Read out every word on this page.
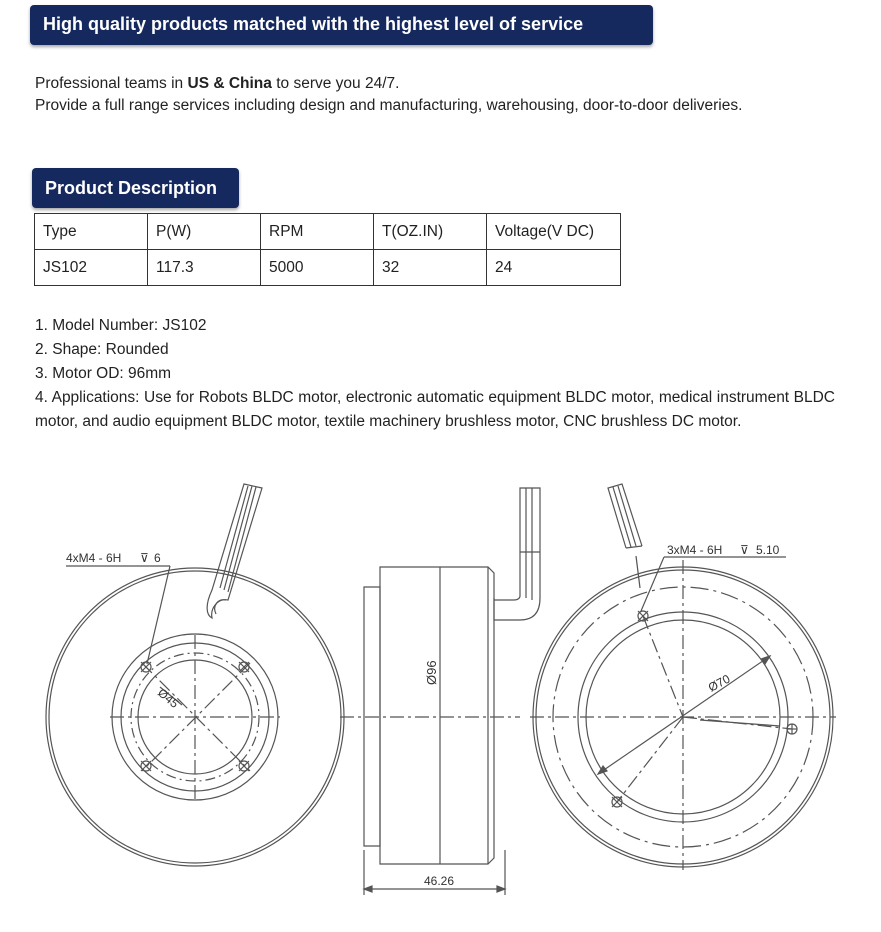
High quality products matched with the highest level of service
Professional teams in US & China to serve you 24/7.
Provide a full range services including design and manufacturing, warehousing, door-to-door deliveries.
Product Description
Type	P(W)	RPM	T(OZ.IN)	Voltage(V DC)
JS102	117.3	5000	32	24
1. Model Number: JS102
2. Shape: Rounded
3. Motor OD: 96mm
4. Applications: Use for Robots BLDC motor, electronic automatic equipment BLDC motor, medical instrument BLDC motor, and audio equipment BLDC motor, textile machinery brushless motor, CNC brushless DC motor.
4xM4 - 6H ⊽ 6
Ø45
Ø96
46.26
3xM4 - 6H ⊽ 5.10
Ø70
